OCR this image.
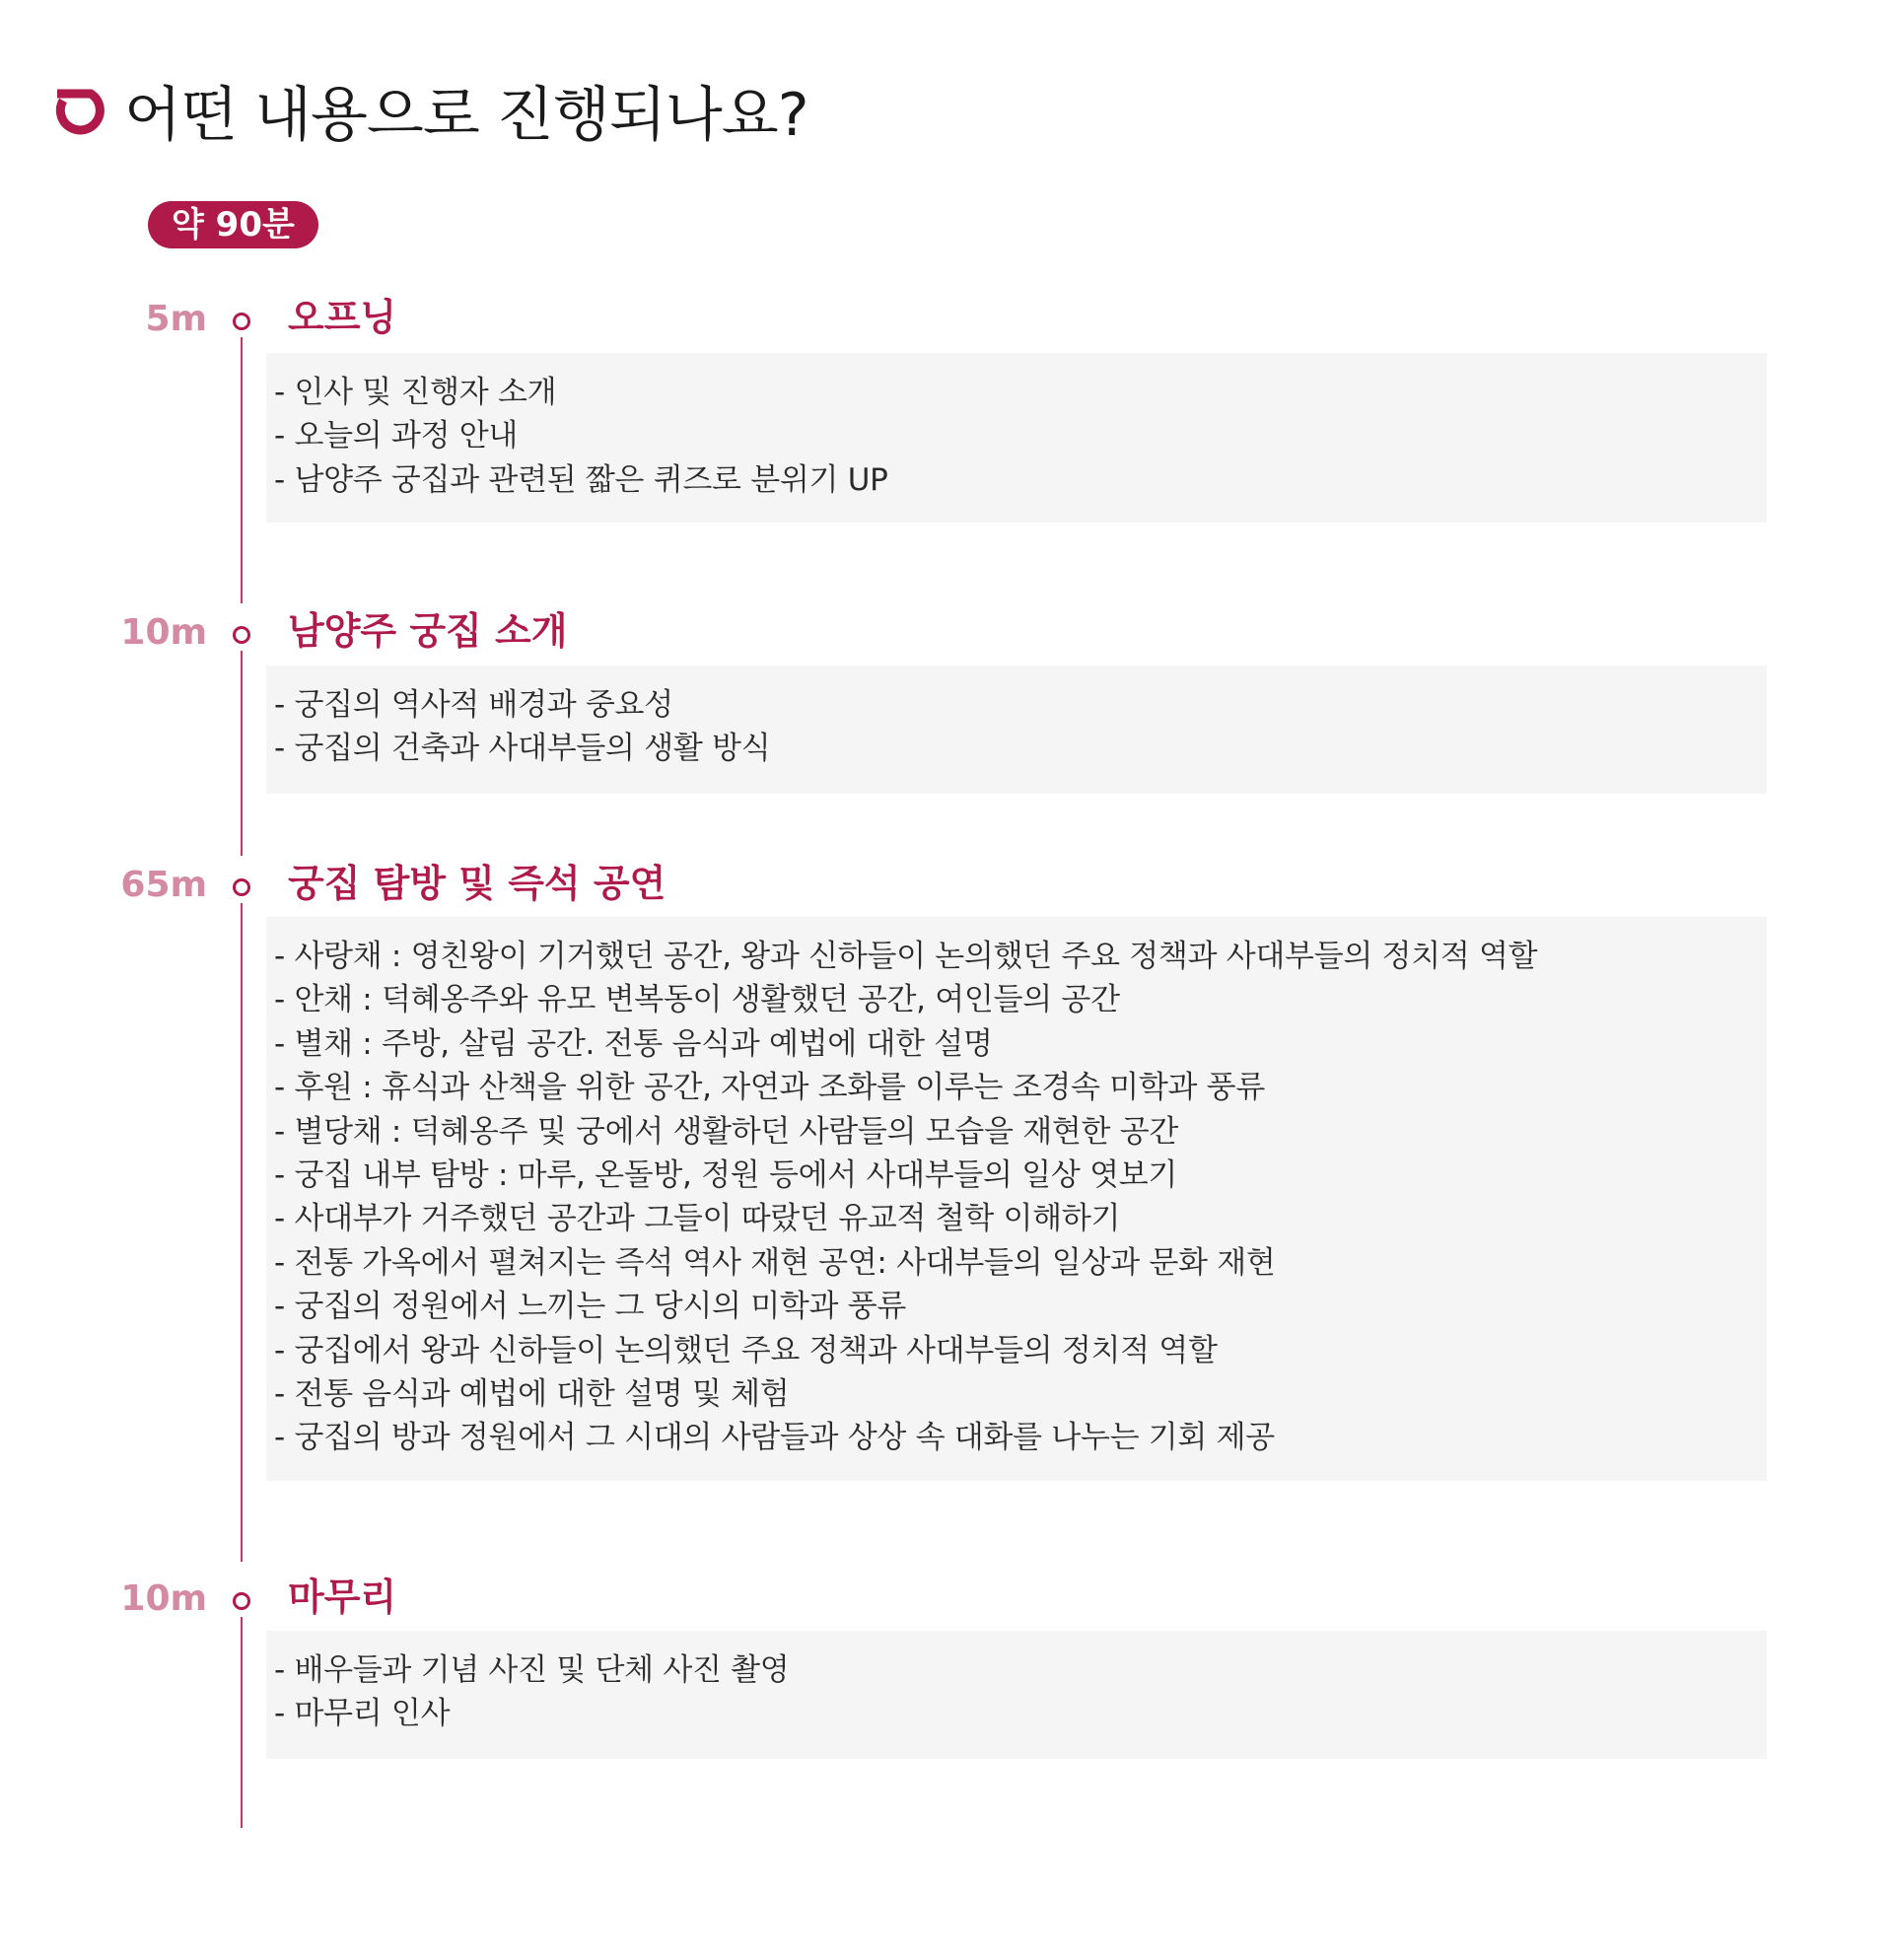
어떤 내용으로 진행되나요?
약 90분
5m 오프닝
- 인사 및 진행자 소개
- 오늘의 과정 안내
- 남양주 궁집과 관련된 짧은 퀴즈로 분위기 UP
10m 남양주 궁집 소개
- 궁집의 역사적 배경과 중요성
- 궁집의 건축과 사대부들의 생활 방식
65m 궁집 탐방 및 즉석 공연
- 사랑채 : 영친왕이 기거했던 공간, 왕과 신하들이 논의했던 주요 정책과 사대부들의 정치적 역할
- 안채 : 덕혜옹주와 유모 변복동이 생활했던 공간, 여인들의 공간
- 별채 : 주방, 살림 공간. 전통 음식과 예법에 대한 설명
- 후원 : 휴식과 산책을 위한 공간, 자연과 조화를 이루는 조경속 미학과 풍류
- 별당채 : 덕혜옹주 및 궁에서 생활하던 사람들의 모습을 재현한 공간
- 궁집 내부 탐방 : 마루, 온돌방, 정원 등에서 사대부들의 일상 엿보기
- 사대부가 거주했던 공간과 그들이 따랐던 유교적 철학 이해하기
- 전통 가옥에서 펼쳐지는 즉석 역사 재현 공연: 사대부들의 일상과 문화 재현
- 궁집의 정원에서 느끼는 그 당시의 미학과 풍류
- 궁집에서 왕과 신하들이 논의했던 주요 정책과 사대부들의 정치적 역할
- 전통 음식과 예법에 대한 설명 및 체험
- 궁집의 방과 정원에서 그 시대의 사람들과 상상 속 대화를 나누는 기회 제공
10m 마무리
- 배우들과 기념 사진 및 단체 사진 촬영
- 마무리 인사
